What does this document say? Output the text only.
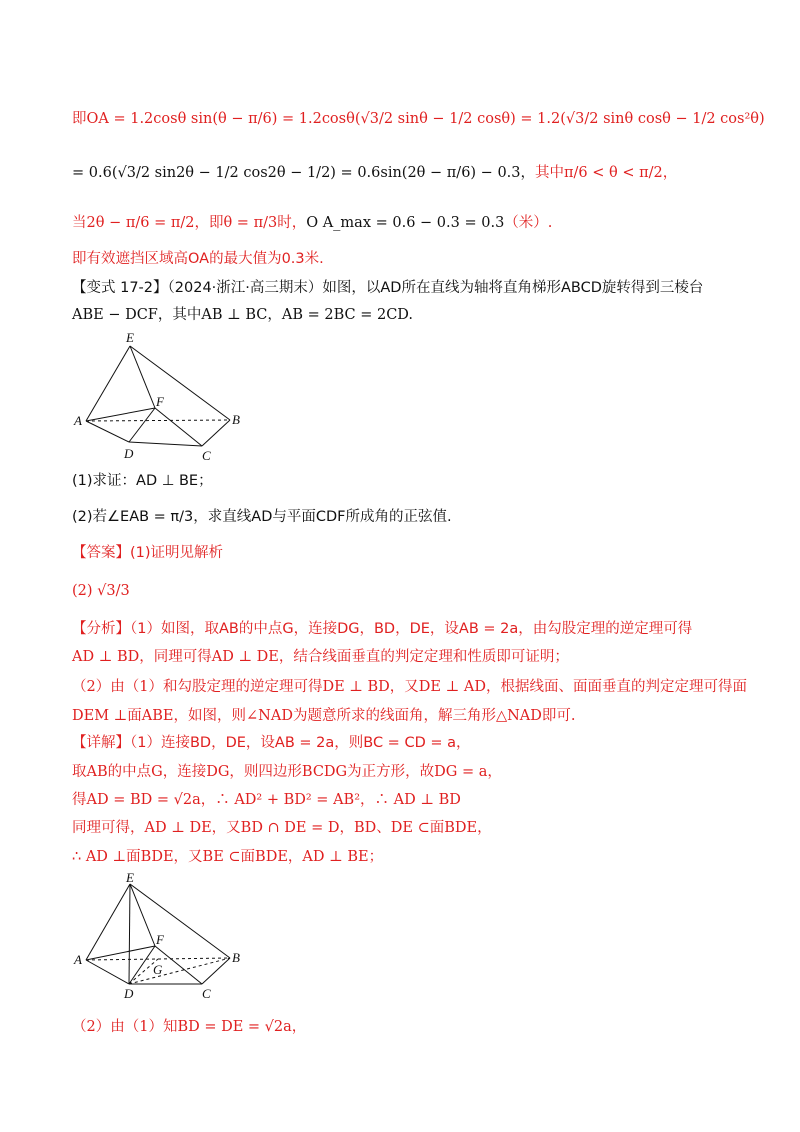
即OA = 1.2cosθ sin(θ − π/6) = 1.2cosθ(√3/2 sinθ − 1/2 cosθ) = 1.2(√3/2 sinθ cosθ − 1/2 cos²θ)
= 0.6(√3/2 sin2θ − 1/2 cos2θ − 1/2) = 0.6sin(2θ − π/6) − 0.3，其中π/6 < θ < π/2，
当2θ − π/6 = π/2，即θ = π/3时，O A_max = 0.6 − 0.3 = 0.3（米）.
即有效遮挡区域高OA的最大值为0.3米.
【变式 17-2】（2024·浙江·高三期末）如图，以AD所在直线为轴将直角梯形ABCD旋转得到三棱台
ABE − DCF，其中AB ⊥ BC，AB = 2BC = 2CD.
E
F
A	B
C
D
(1)求证：AD ⊥ BE；
(2)若∠EAB = π/3，求直线AD与平面CDF所成角的正弦值.
【答案】(1)证明见解析
(2) √3/3
【分析】（1）如图，取AB的中点G，连接DG，BD，DE，设AB = 2a，由勾股定理的逆定理可得
AD ⊥ BD，同理可得AD ⊥ DE，结合线面垂直的判定定理和性质即可证明；
（2）由（1）和勾股定理的逆定理可得DE ⊥ BD，又DE ⊥ AD，根据线面、面面垂直的判定定理可得面
DEM ⊥面ABE，如图，则∠NAD为题意所求的线面角，解三角形△NAD即可.
【详解】（1）连接BD，DE，设AB = 2a，则BC = CD = a，
取AB的中点G，连接DG，则四边形BCDG为正方形，故DG = a，
得AD = BD = √2a，∴ AD² + BD² = AB²，∴ AD ⊥ BD
同理可得，AD ⊥ DE，又BD ∩ DE = D，BD、DE ⊂面BDE，
∴ AD ⊥面BDE，又BE ⊂面BDE，AD ⊥ BE；
E
F
A	B
C
D
G
（2）由（1）知BD = DE = √2a，
